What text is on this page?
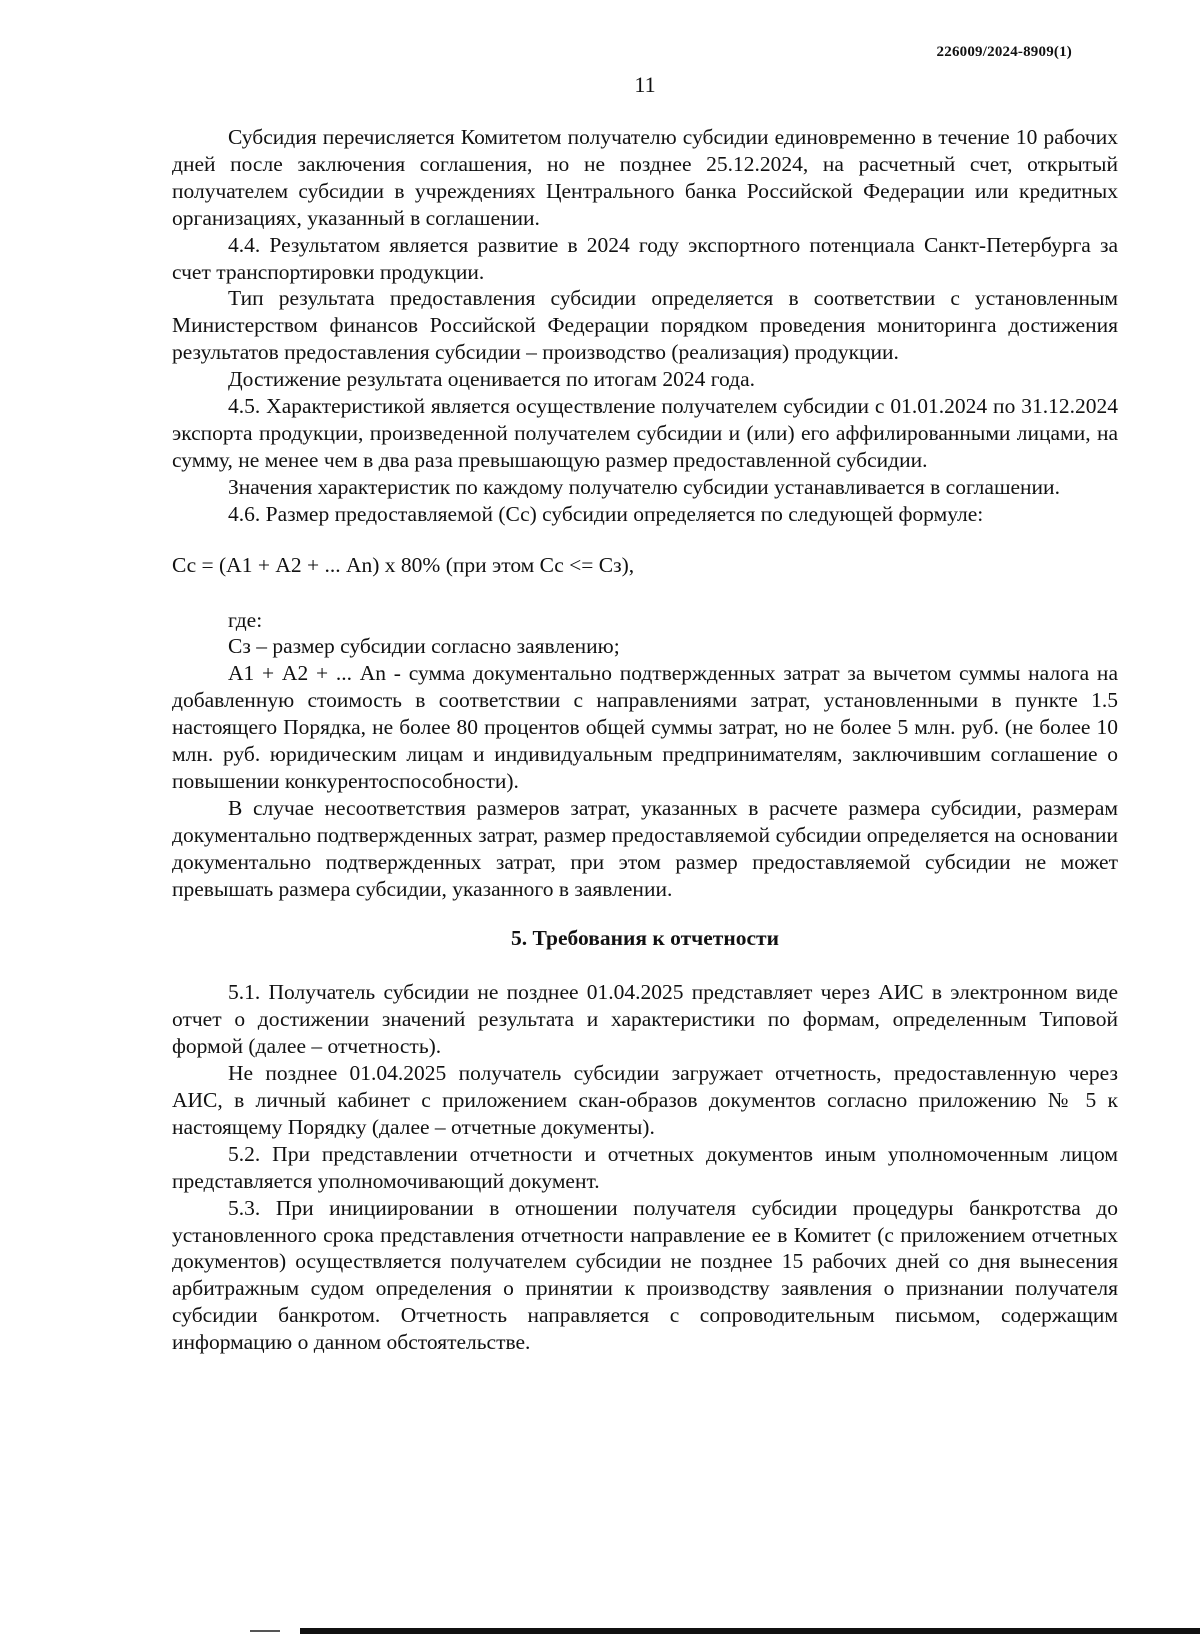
226009/2024-8909(1)
11

Субсидия перечисляется Комитетом получателю субсидии единовременно в течение 10 рабочих дней после заключения соглашения, но не позднее 25.12.2024, на расчетный счет, открытый получателем субсидии в учреждениях Центрального банка Российской Федерации или кредитных организациях, указанный в соглашении.

4.4. Результатом является развитие в 2024 году экспортного потенциала Санкт-Петербурга за счет транспортировки продукции.

Тип результата предоставления субсидии определяется в соответствии с установленным Министерством финансов Российской Федерации порядком проведения мониторинга достижения результатов предоставления субсидии – производство (реализация) продукции.

Достижение результата оценивается по итогам 2024 года.

4.5. Характеристикой является осуществление получателем субсидии с 01.01.2024 по 31.12.2024 экспорта продукции, произведенной получателем субсидии и (или) его аффилированными лицами, на сумму, не менее чем в два раза превышающую размер предоставленной субсидии.

Значения характеристик по каждому получателю субсидии устанавливается в соглашении.

4.6. Размер предоставляемой (Сс) субсидии определяется по следующей формуле:

Сс = (А1 + А2 + ... Аn) х 80% (при этом Сс <= Сз),

где:

Сз – размер субсидии согласно заявлению;

А1 + А2 + ... Аn - сумма документально подтвержденных затрат за вычетом суммы налога на добавленную стоимость в соответствии с направлениями затрат, установленными в пункте 1.5 настоящего Порядка, не более 80 процентов общей суммы затрат, но не более 5 млн. руб. (не более 10 млн. руб. юридическим лицам и индивидуальным предпринимателям, заключившим соглашение о повышении конкурентоспособности).

В случае несоответствия размеров затрат, указанных в расчете размера субсидии, размерам документально подтвержденных затрат, размер предоставляемой субсидии определяется на основании документально подтвержденных затрат, при этом размер предоставляемой субсидии не может превышать размера субсидии, указанного в заявлении.

5. Требования к отчетности

5.1. Получатель субсидии не позднее 01.04.2025 представляет через АИС в электронном виде отчет о достижении значений результата и характеристики по формам, определенным Типовой формой (далее – отчетность).

Не позднее 01.04.2025 получатель субсидии загружает отчетность, предоставленную через АИС, в личный кабинет с приложением скан-образов документов согласно приложению № 5 к настоящему Порядку (далее – отчетные документы).

5.2. При представлении отчетности и отчетных документов иным уполномоченным лицом представляется уполномочивающий документ.

5.3. При инициировании в отношении получателя субсидии процедуры банкротства до установленного срока представления отчетности направление ее в Комитет (с приложением отчетных документов) осуществляется получателем субсидии не позднее 15 рабочих дней со дня вынесения арбитражным судом определения о принятии к производству заявления о признании получателя субсидии банкротом. Отчетность направляется с сопроводительным письмом, содержащим информацию о данном обстоятельстве.
